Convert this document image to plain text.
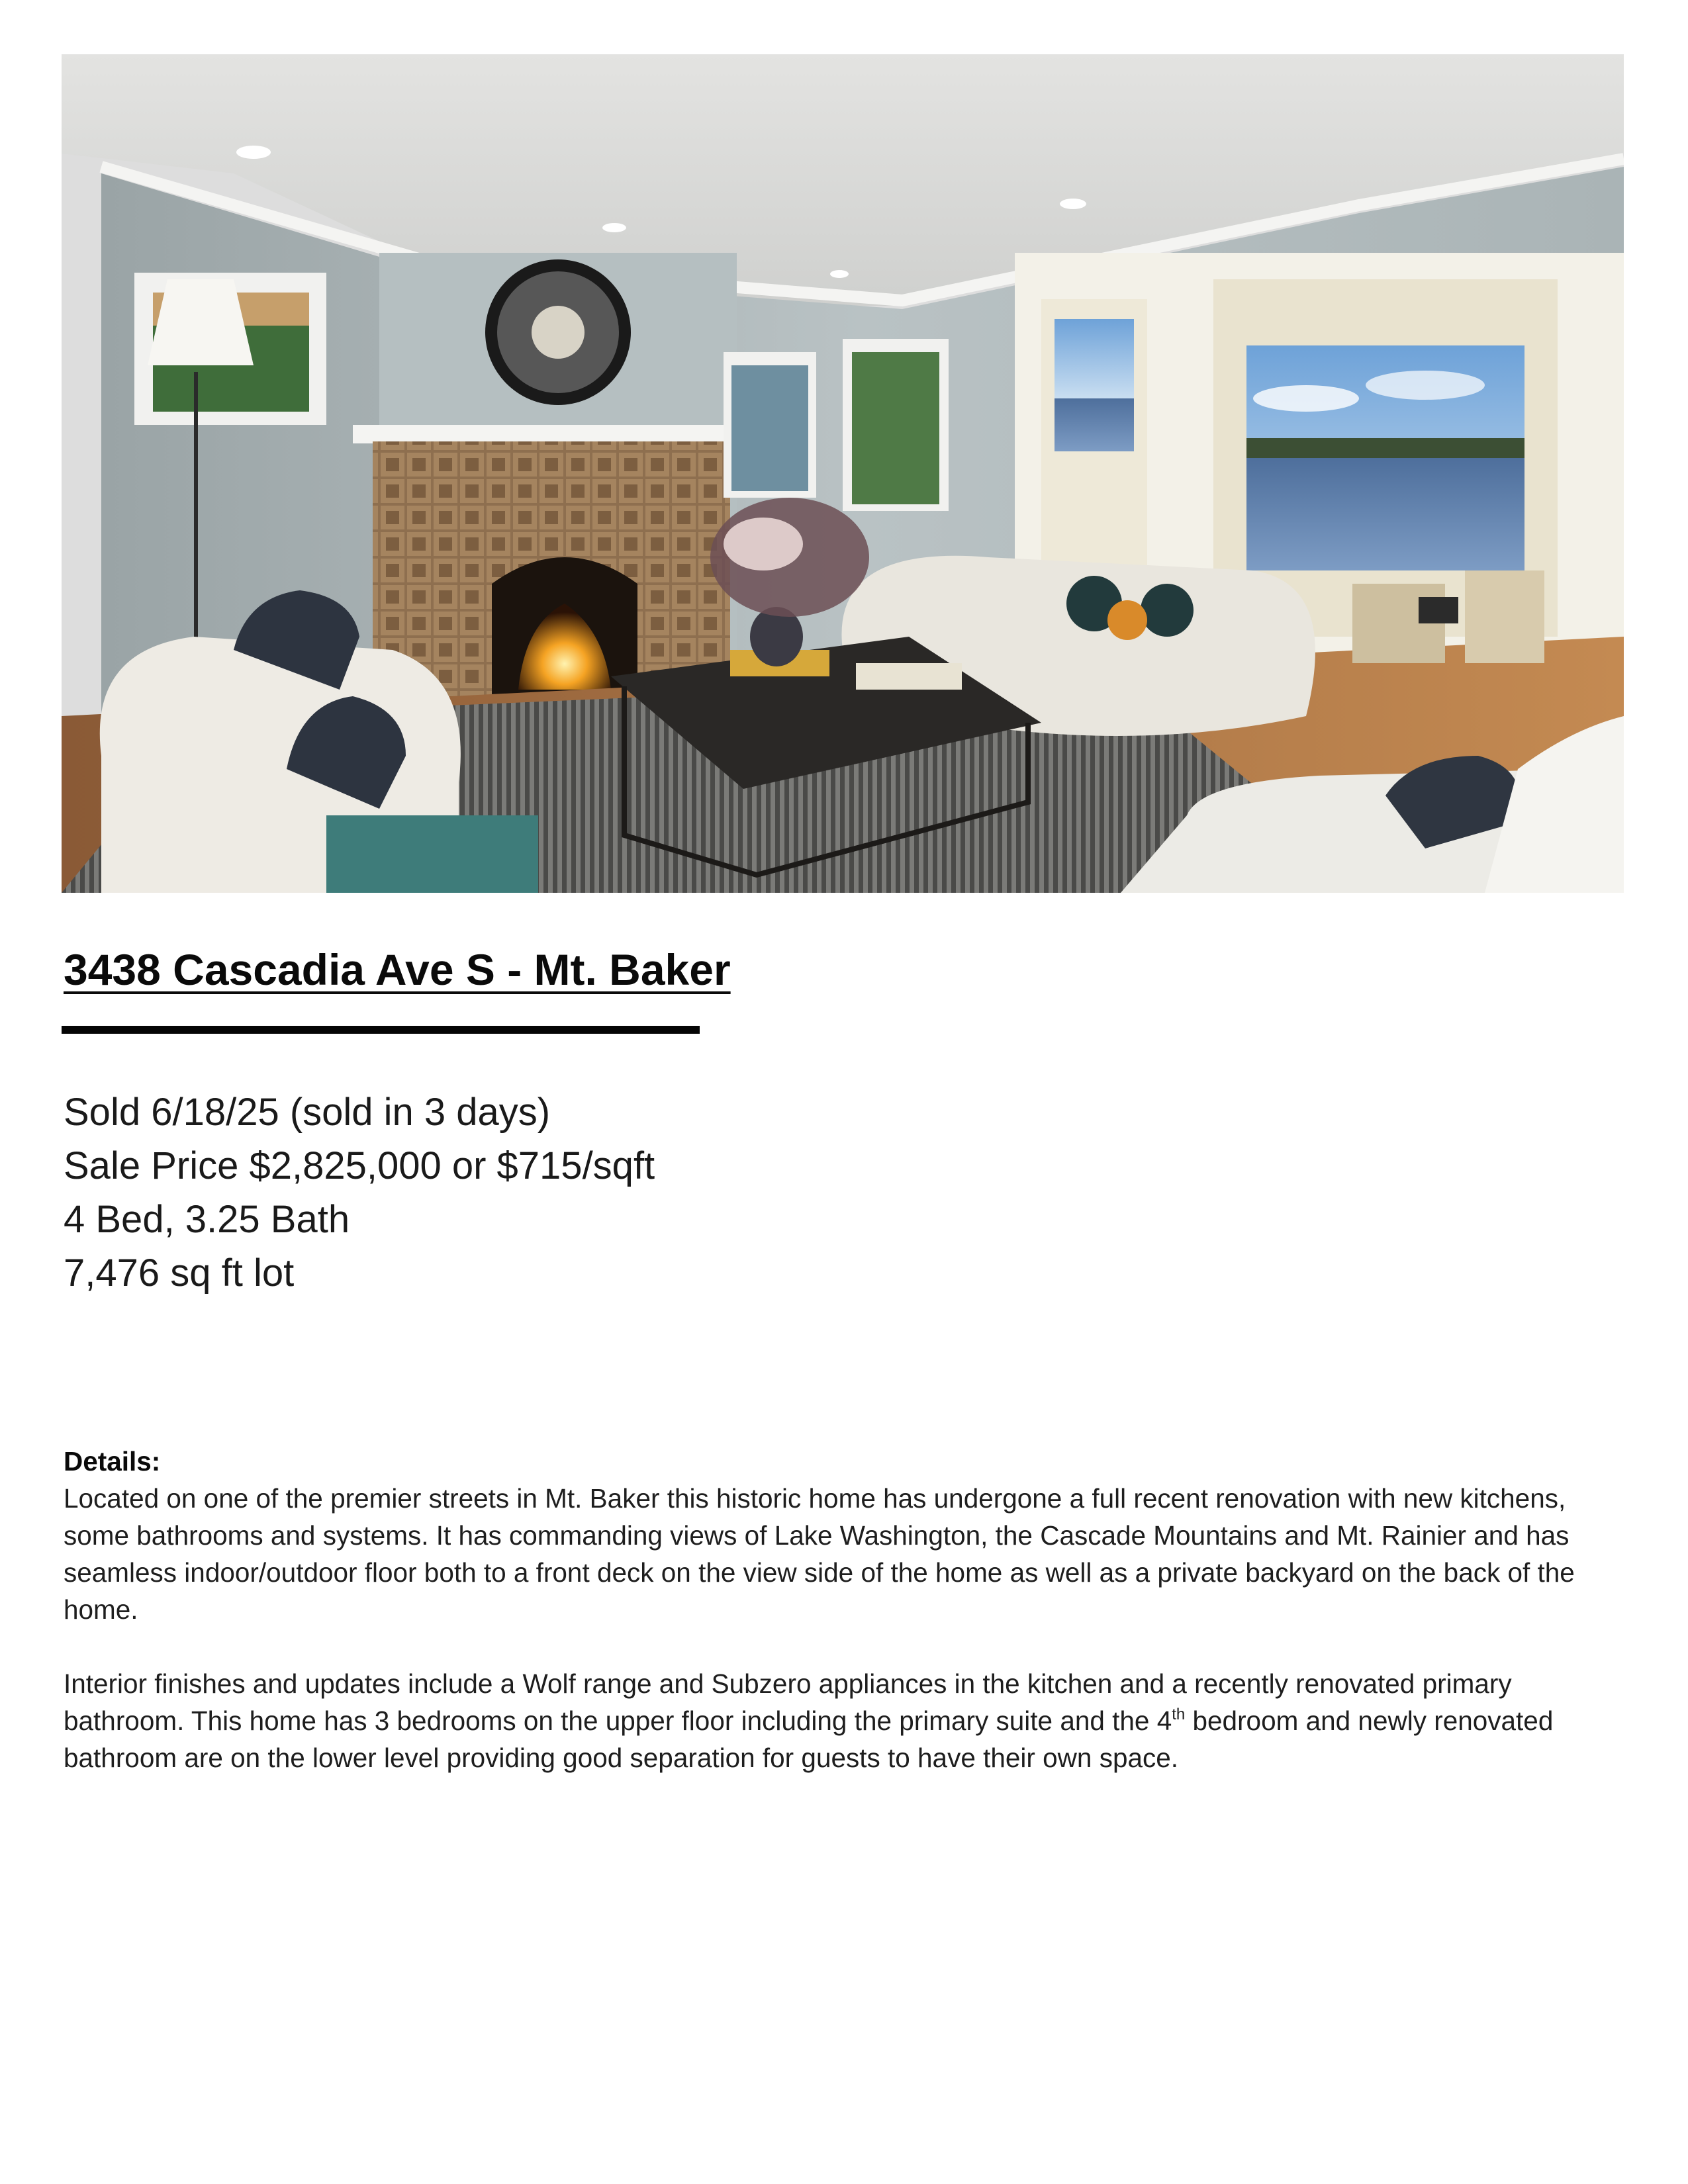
3438 Cascadia Ave S - Mt. Baker
Sold 6/18/25 (sold in 3 days)
Sale Price $2,825,000 or $715/sqft
4 Bed, 3.25 Bath
7,476 sq ft lot
Details:

Located on one of the premier streets in Mt. Baker this historic home has undergone a full recent renovation with new kitchens, some bathrooms and systems. It has commanding views of Lake Washington, the Cascade Mountains and Mt. Rainier and has seamless indoor/outdoor floor both to a front deck on the view side of the home as well as a private backyard on the back of the home.

Interior finishes and updates include a Wolf range and Subzero appliances in the kitchen and a recently renovated primary bathroom. This home has 3 bedrooms on the upper floor including the primary suite and the 4th bedroom and newly renovated bathroom are on the lower level providing good separation for guests to have their own space.
